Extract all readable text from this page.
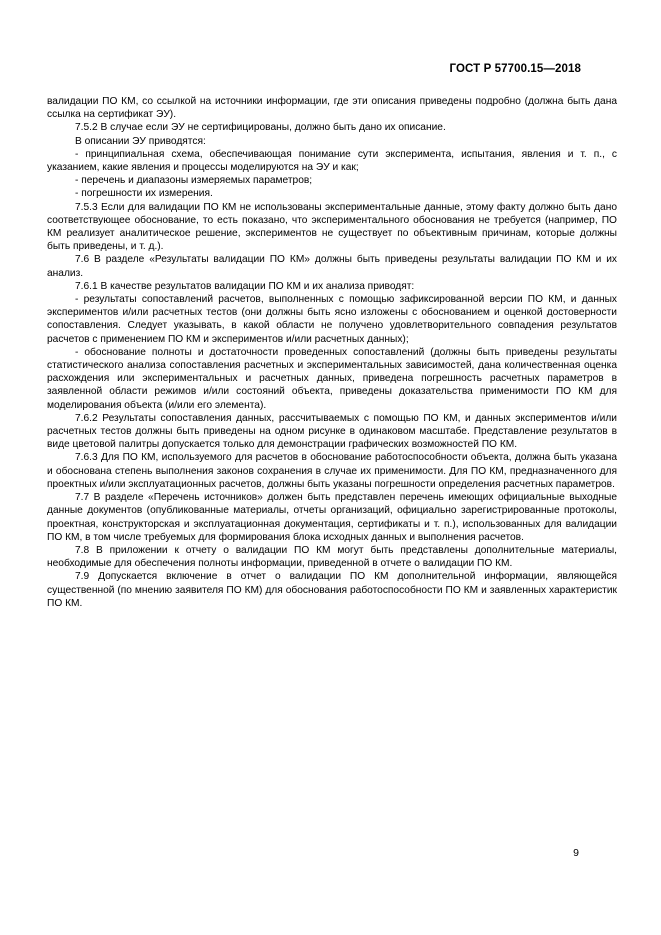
ГОСТ Р 57700.15—2018

валидации ПО КМ, со ссылкой на источники информации, где эти описания приведены подробно (должна быть дана ссылка на сертификат ЭУ).

7.5.2 В случае если ЭУ не сертифицированы, должно быть дано их описание.

В описании ЭУ приводятся:

- принципиальная схема, обеспечивающая понимание сути эксперимента, испытания, явления и т. п., с указанием, какие явления и процессы моделируются на ЭУ и как;

- перечень и диапазоны измеряемых параметров;

- погрешности их измерения.

7.5.3 Если для валидации ПО КМ не использованы экспериментальные данные, этому факту должно быть дано соответствующее обоснование, то есть показано, что экспериментального обоснования не требуется (например, ПО КМ реализует аналитическое решение, экспериментов не существует по объективным причинам, которые должны быть приведены, и т. д.).

7.6 В разделе «Результаты валидации ПО КМ» должны быть приведены результаты валидации ПО КМ и их анализ.

7.6.1 В качестве результатов валидации ПО КМ и их анализа приводят:

- результаты сопоставлений расчетов, выполненных с помощью зафиксированной версии ПО КМ, и данных экспериментов и/или расчетных тестов (они должны быть ясно изложены с обоснованием и оценкой достоверности сопоставления. Следует указывать, в какой области не получено удовлетворительного совпадения результатов расчетов с применением ПО КМ и экспериментов и/или расчетных данных);

- обоснование полноты и достаточности проведенных сопоставлений (должны быть приведены результаты статистического анализа сопоставления расчетных и экспериментальных зависимостей, дана количественная оценка расхождения или экспериментальных и расчетных данных, приведена погрешность расчетных параметров в заявленной области режимов и/или состояний объекта, приведены доказательства применимости ПО КМ для моделирования объекта (и/или его элемента).

7.6.2 Результаты сопоставления данных, рассчитываемых с помощью ПО КМ, и данных экспериментов и/или расчетных тестов должны быть приведены на одном рисунке в одинаковом масштабе. Представление результатов в виде цветовой палитры допускается только для демонстрации графических возможностей ПО КМ.

7.6.3 Для ПО КМ, используемого для расчетов в обоснование работоспособности объекта, должна быть указана и обоснована степень выполнения законов сохранения в случае их применимости. Для ПО КМ, предназначенного для проектных и/или эксплуатационных расчетов, должны быть указаны погрешности определения расчетных параметров.

7.7 В разделе «Перечень источников» должен быть представлен перечень имеющих официальные выходные данные документов (опубликованные материалы, отчеты организаций, официально зарегистрированные протоколы, проектная, конструкторская и эксплуатационная документация, сертификаты и т. п.), использованных для валидации ПО КМ, в том числе требуемых для формирования блока исходных данных и выполнения расчетов.

7.8 В приложении к отчету о валидации ПО КМ могут быть представлены дополнительные материалы, необходимые для обеспечения полноты информации, приведенной в отчете о валидации ПО КМ.

7.9 Допускается включение в отчет о валидации ПО КМ дополнительной информации, являющейся существенной (по мнению заявителя ПО КМ) для обоснования работоспособности ПО КМ и заявленных характеристик ПО КМ.

9
